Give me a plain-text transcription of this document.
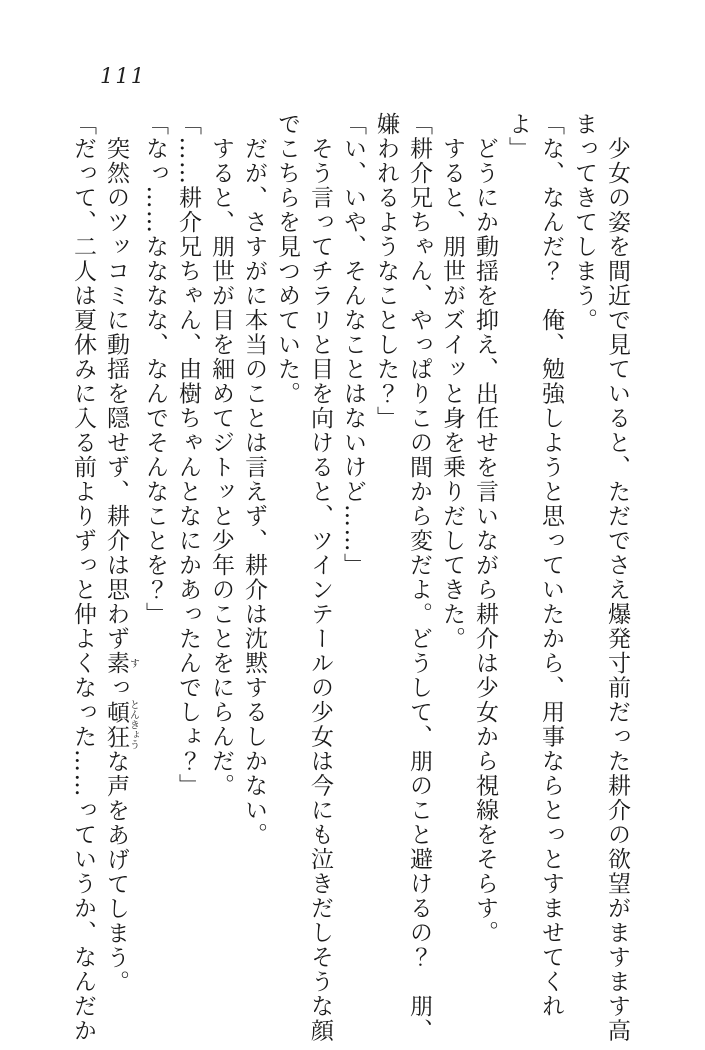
111

　少女の姿を間近で見ていると、ただでさえ爆発寸前だった耕介の欲望がますます高

まってきてしまう。

「な、なんだ？　俺、勉強しようと思っていたから、用事ならとっとすませてくれ

よ」

　どうにか動揺を抑え、出任せを言いながら耕介は少女から視線をそらす。

　すると、朋世がズイッと身を乗りだしてきた。

「耕介兄ちゃん、やっぱりこの間から変だよ。どうして、朋のこと避けるの？　朋、

嫌われるようなことした？」

「い、いや、そんなことはないけど……」

　そう言ってチラリと目を向けると、ツインテールの少女は今にも泣きだしそうな顔

でこちらを見つめていた。

　だが、さすがに本当のことは言えず、耕介は沈黙するしかない。

　すると、朋世が目を細めてジトッと少年のことをにらんだ。

「……耕介兄ちゃん、由樹ちゃんとなにかあったんでしょ？」

「なっ……なななな、なんでそんなことを？」

　突然のツッコミに動揺を隠せず、耕介は思わず素すっ頓狂とんきょうな声をあげてしまう。

「だって、二人は夏休みに入る前よりずっと仲よくなった……っていうか、なんだか
